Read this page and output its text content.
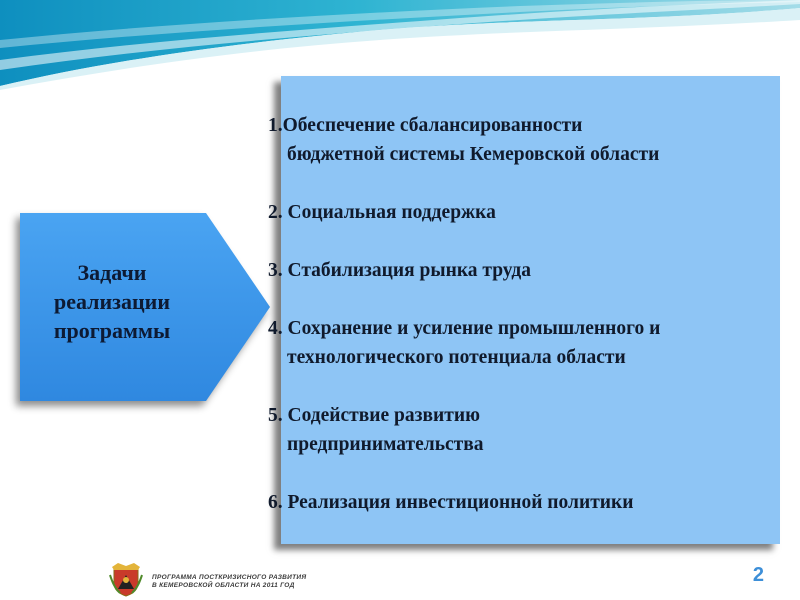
Задачи
реализации
программы
1.Обеспечение сбалансированности
бюджетной системы Кемеровской области
2. Социальная поддержка
3. Стабилизация рынка труда
4. Сохранение и усиление промышленного и
технологического потенциала области
5. Содействие развитию
предпринимательства
6. Реализация инвестиционной политики
ПРОГРАММА ПОСТКРИЗИСНОГО РАЗВИТИЯ
В КЕМЕРОВСКОЙ ОБЛАСТИ НА 2011 ГОД	2
